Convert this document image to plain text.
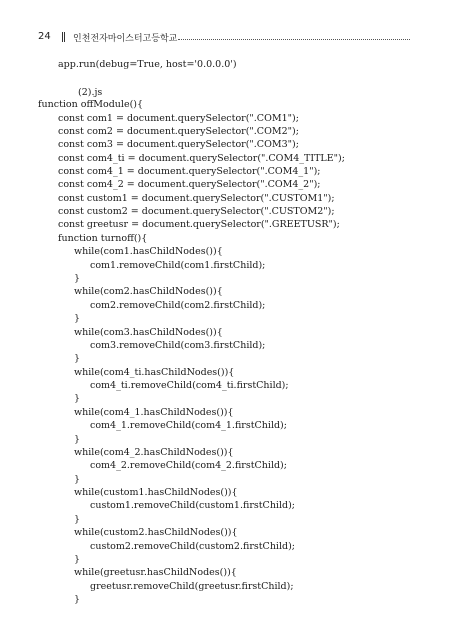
24 인천전자마이스터고등학교
app.run(debug=True, host='0.0.0.0')
(2).js
function offModule(){
const com1 = document.querySelector(".COM1");
const com2 = document.querySelector(".COM2");
const com3 = document.querySelector(".COM3");
const com4_ti = document.querySelector(".COM4_TITLE");
const com4_1 = document.querySelector(".COM4_1");
const com4_2 = document.querySelector(".COM4_2");
const custom1 = document.querySelector(".CUSTOM1");
const custom2 = document.querySelector(".CUSTOM2");
const greetusr = document.querySelector(".GREETUSR");
function turnoff(){
while(com1.hasChildNodes()){
com1.removeChild(com1.firstChild);
}
while(com2.hasChildNodes()){
com2.removeChild(com2.firstChild);
}
while(com3.hasChildNodes()){
com3.removeChild(com3.firstChild);
}
while(com4_ti.hasChildNodes()){
com4_ti.removeChild(com4_ti.firstChild);
}
while(com4_1.hasChildNodes()){
com4_1.removeChild(com4_1.firstChild);
}
while(com4_2.hasChildNodes()){
com4_2.removeChild(com4_2.firstChild);
}
while(custom1.hasChildNodes()){
custom1.removeChild(custom1.firstChild);
}
while(custom2.hasChildNodes()){
custom2.removeChild(custom2.firstChild);
}
while(greetusr.hasChildNodes()){
greetusr.removeChild(greetusr.firstChild);
}
